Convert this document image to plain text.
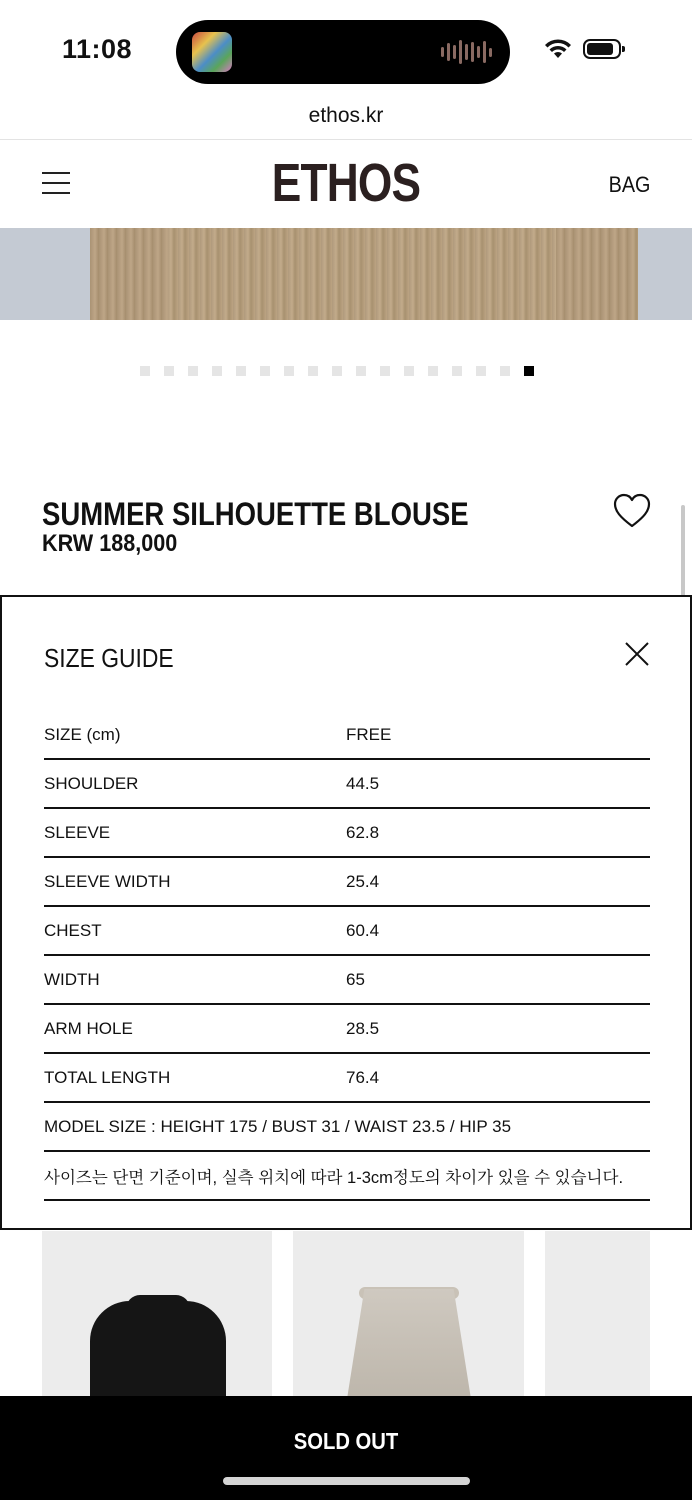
11:08
ethos.kr
ETHOS	BAG
SUMMER SILHOUETTE BLOUSE
KRW 188,000
SIZE GUIDE
SIZE (cm)	FREE
SHOULDER	44.5
SLEEVE	62.8
SLEEVE WIDTH	25.4
CHEST	60.4
WIDTH	65
ARM HOLE	28.5
TOTAL LENGTH	76.4
MODEL SIZE : HEIGHT 175 / BUST 31 / WAIST 23.5 / HIP 35	
사이즈는 단면 기준이며, 실측 위치에 따라 1-3cm정도의 차이가 있을 수 있습니다.	
SOLD OUT
